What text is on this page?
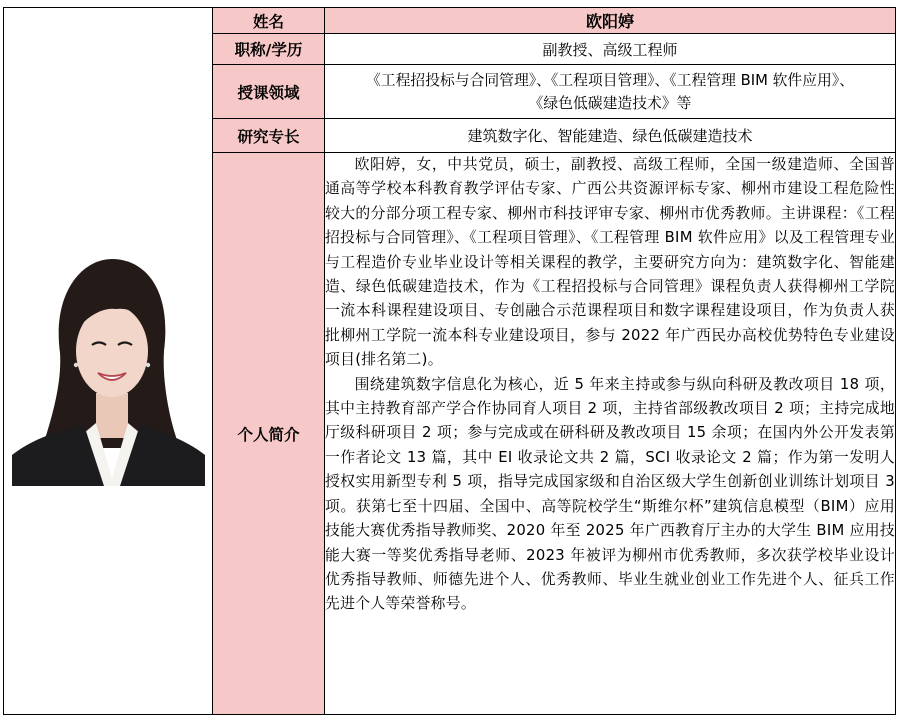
	姓名	欧阳婷
	职称/学历	副教授、高级工程师
	授课领域	《工程招投标与合同管理》、《工程项目管理》、《工程管理 BIM 软件应用》、
《绿色低碳建造技术》等

	研究专长	建筑数字化、智能建造、绿色低碳建造技术
	个人简介	欧阳婷，女，中共党员，硕士，副教授、高级工程师，全国一级建造师、全国普通高等学校本科教育教学评估专家、广西公共资源评标专家、柳州市建设工程危险性较大的分部分项工程专家、柳州市科技评审专家、柳州市优秀教师。主讲课程：《工程招投标与合同管理》、《工程项目管理》、《工程管理 BIM 软件应用》以及工程管理专业与工程造价专业毕业设计等相关课程的教学，主要研究方向为：建筑数字化、智能建造、绿色低碳建造技术，作为《工程招投标与合同管理》课程负责人获得柳州工学院一流本科课程建设项目、专创融合示范课程项目和数字课程建设项目，作为负责人获批柳州工学院一流本科专业建设项目，参与 2022 年广西民办高校优势特色专业建设项目(排名第二)。

围绕建筑数字信息化为核心，近 5 年来主持或参与纵向科研及教改项目 18 项，其中主持教育部产学合作协同育人项目 2 项，主持省部级教改项目 2 项；主持完成地厅级科研项目 2 项；参与完成或在研科研及教改项目 15 余项；在国内外公开发表第一作者论文 13 篇，其中 EI 收录论文共 2 篇，SCI 收录论文 2 篇；作为第一发明人授权实用新型专利 5 项，指导完成国家级和自治区级大学生创新创业训练计划项目 3 项。获第七至十四届、全国中、高等院校学生“斯维尔杯”建筑信息模型（BIM）应用技能大赛优秀指导教师奖、2020 年至 2025 年广西教育厅主办的大学生 BIM 应用技能大赛一等奖优秀指导老师、2023 年被评为柳州市优秀教师，多次获学校毕业设计优秀指导教师、师德先进个人、优秀教师、毕业生就业创业工作先进个人、征兵工作先进个人等荣誉称号。
